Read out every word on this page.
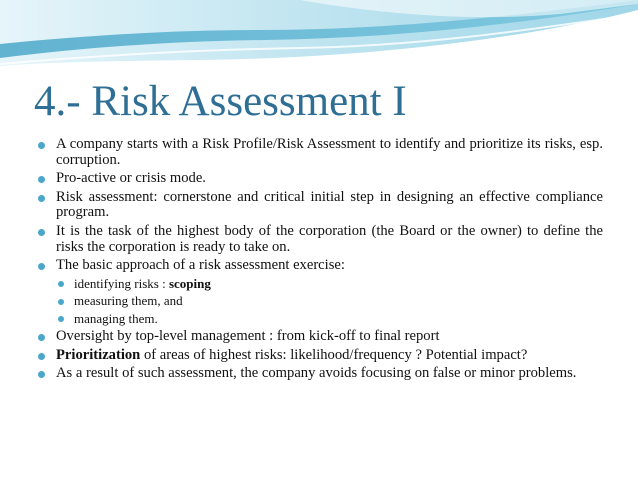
4.- Risk Assessment I
A company starts with a Risk Profile/Risk Assessment to identify and prioritize its risks, esp. corruption.
Pro-active or crisis mode.
Risk assessment: cornerstone and critical initial step in designing an effective compliance program.
It is the task of the highest body of the corporation (the Board or the owner) to define the risks the corporation is ready to take on.
The basic approach of a risk assessment exercise:
identifying risks : scoping
measuring them, and
managing them.
Oversight by top-level management : from kick-off to final report
Prioritization of areas of highest risks: likelihood/frequency ? Potential impact?
As a result of such assessment, the company avoids focusing on false or minor problems.
